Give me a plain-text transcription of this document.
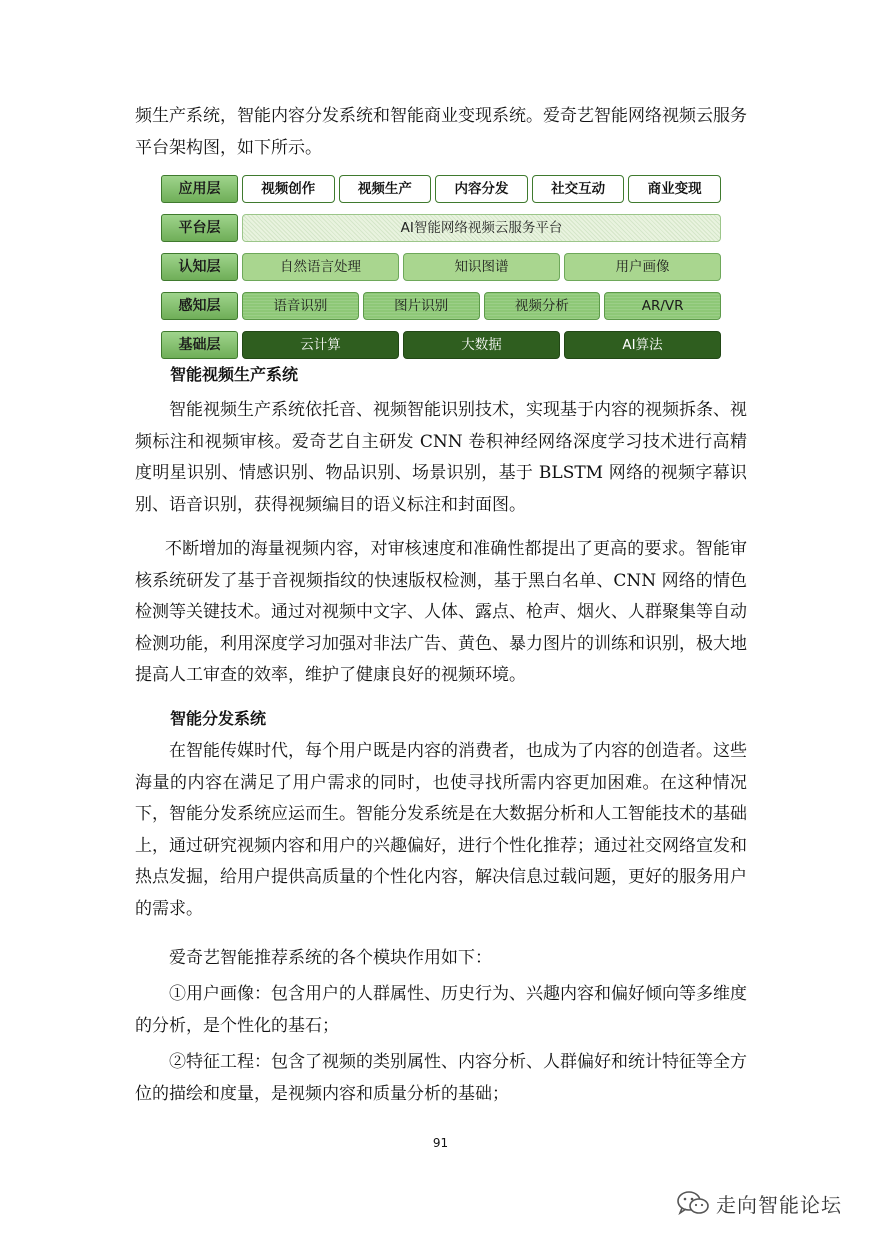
频生产系统，智能内容分发系统和智能商业变现系统。爱奇艺智能网络视频云服务平台架构图，如下所示。

应用层	视频创作	视频生产	内容分发	社交互动	商业变现
平台层	AI智能网络视频云服务平台
认知层	自然语言处理	知识图谱	用户画像
感知层	语音识别	图片识别	视频分析	AR/VR
基础层	云计算	大数据	AI算法
智能视频生产系统

智能视频生产系统依托音、视频智能识别技术，实现基于内容的视频拆条、视频标注和视频审核。爱奇艺自主研发 CNN 卷积神经网络深度学习技术进行高精度明星识别、情感识别、物品识别、场景识别，基于 BLSTM 网络的视频字幕识别、语音识别，获得视频编目的语义标注和封面图。

不断增加的海量视频内容，对审核速度和准确性都提出了更高的要求。智能审核系统研发了基于音视频指纹的快速版权检测，基于黑白名单、CNN 网络的情色检测等关键技术。通过对视频中文字、人体、露点、枪声、烟火、人群聚集等自动检测功能，利用深度学习加强对非法广告、黄色、暴力图片的训练和识别，极大地提高人工审查的效率，维护了健康良好的视频环境。

智能分发系统

在智能传媒时代，每个用户既是内容的消费者，也成为了内容的创造者。这些海量的内容在满足了用户需求的同时，也使寻找所需内容更加困难。在这种情况下，智能分发系统应运而生。智能分发系统是在大数据分析和人工智能技术的基础上，通过研究视频内容和用户的兴趣偏好，进行个性化推荐；通过社交网络宣发和热点发掘，给用户提供高质量的个性化内容，解决信息过载问题，更好的服务用户的需求。

爱奇艺智能推荐系统的各个模块作用如下：

①用户画像：包含用户的人群属性、历史行为、兴趣内容和偏好倾向等多维度的分析，是个性化的基石；

②特征工程：包含了视频的类别属性、内容分析、人群偏好和统计特征等全方位的描绘和度量，是视频内容和质量分析的基础；

91
走向智能论坛
